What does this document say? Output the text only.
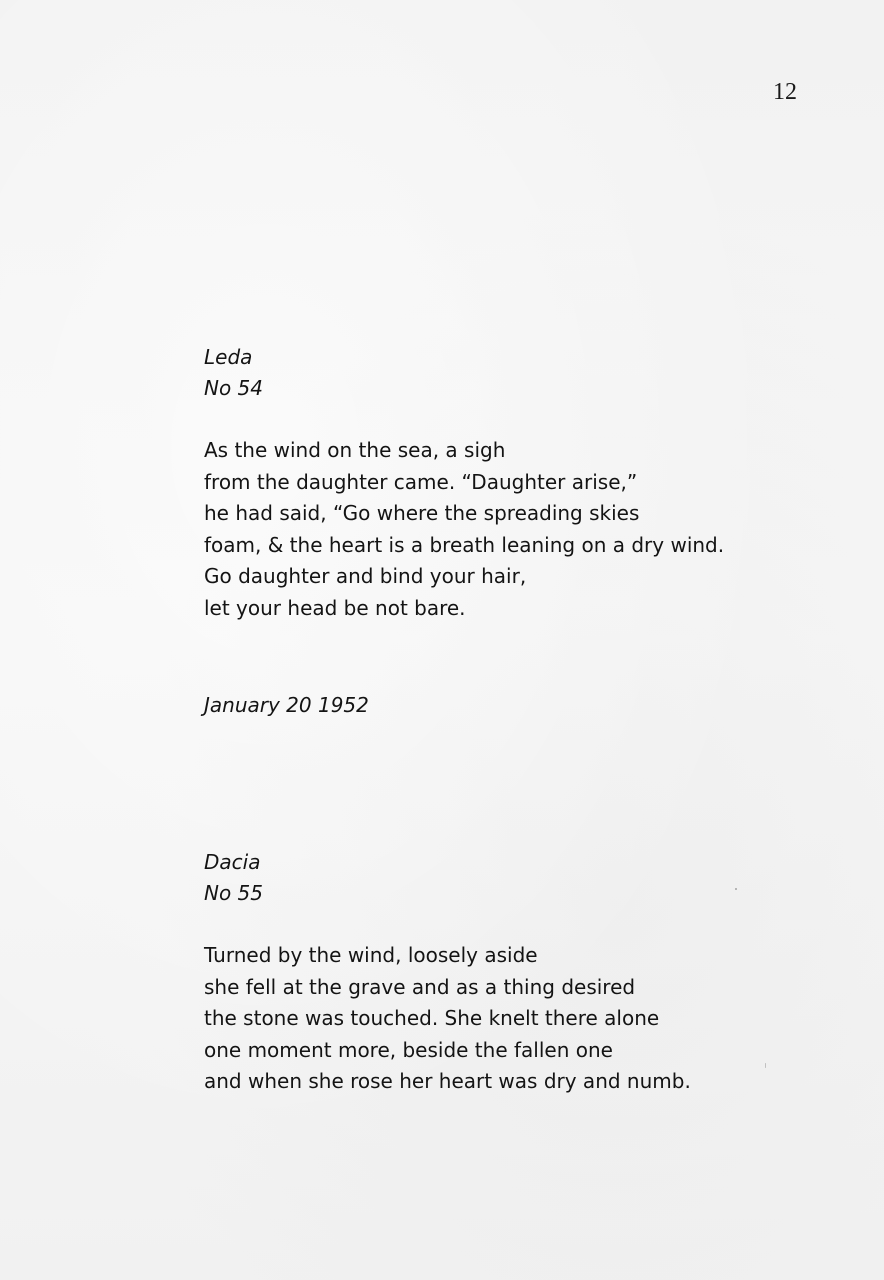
12
Leda
No 54
As the wind on the sea, a sigh
from the daughter came. “Daughter arise,”
he had said, “Go where the spreading skies
foam, & the heart is a breath leaning on a dry wind.
Go daughter and bind your hair,
let your head be not bare.
January 20 1952
Dacia
No 55
Turned by the wind, loosely aside
she fell at the grave and as a thing desired
the stone was touched. She knelt there alone
one moment more, beside the fallen one
and when she rose her heart was dry and numb.
